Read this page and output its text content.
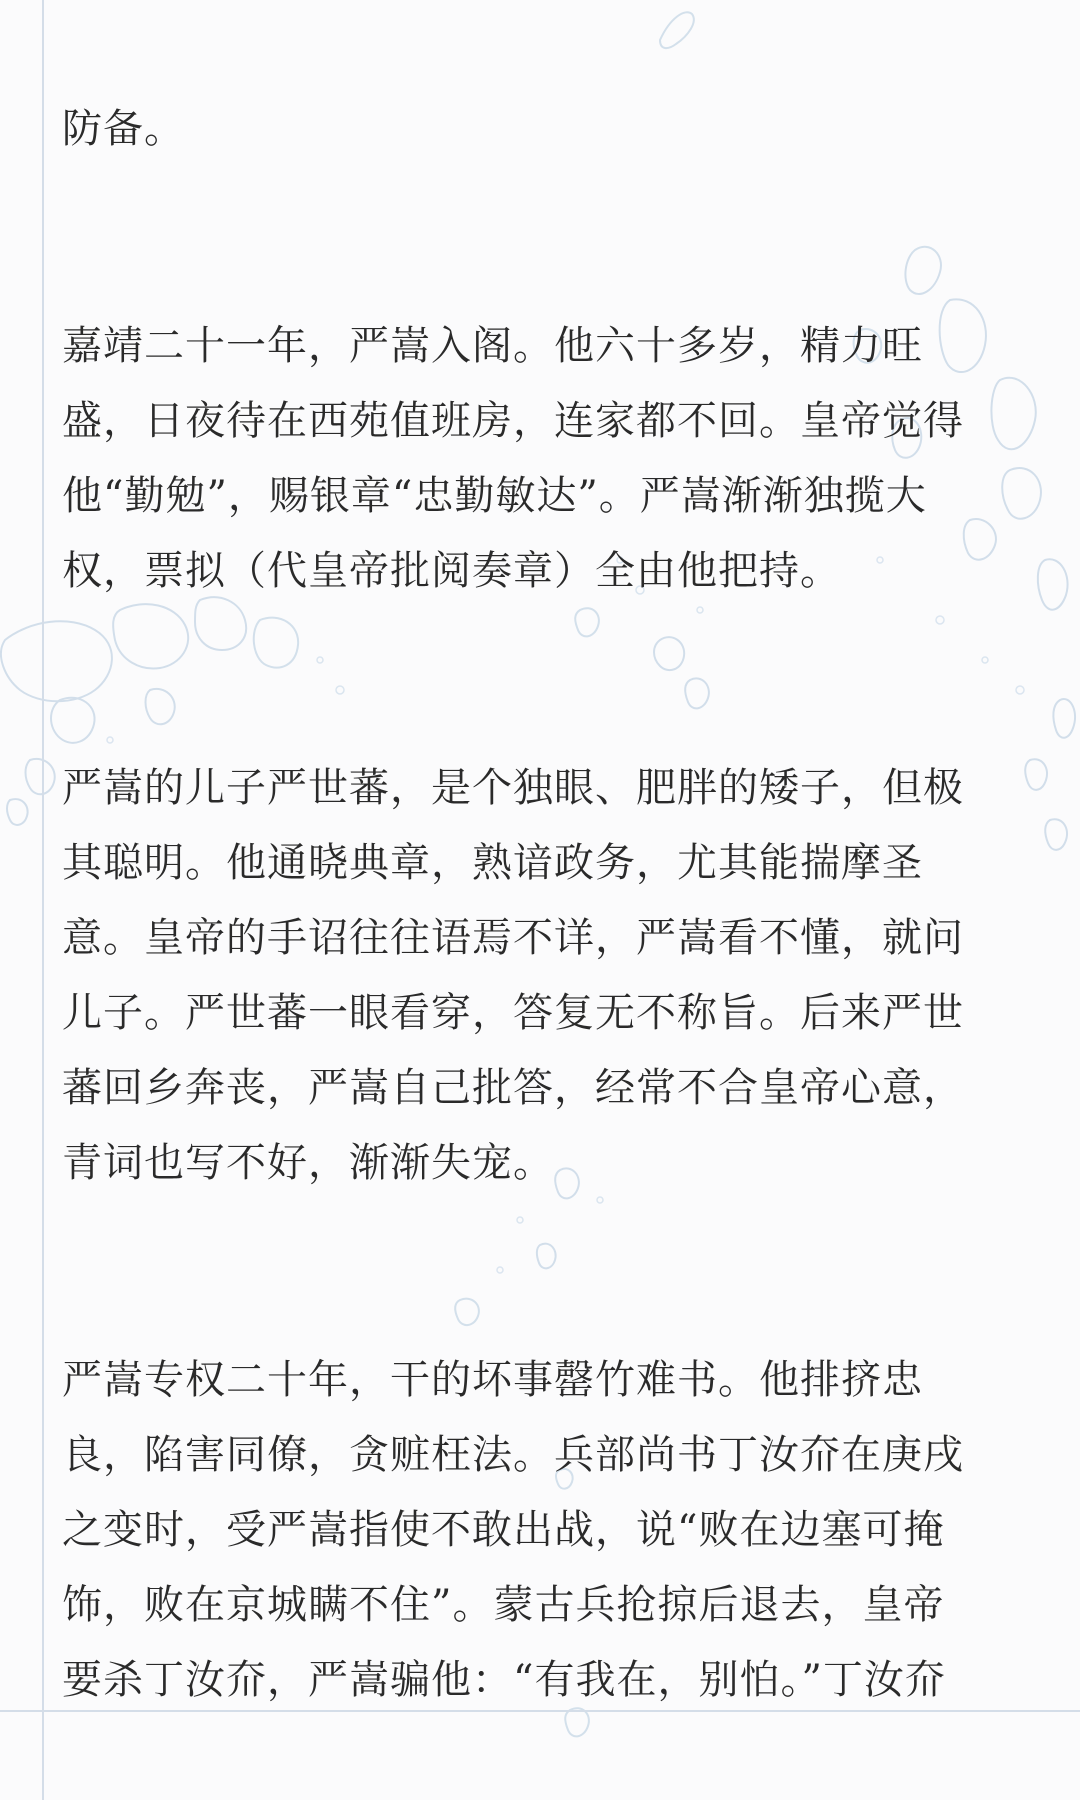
防备。

嘉靖二十一年，严嵩入阁。他六十多岁，精力旺
盛，日夜待在西苑值班房，连家都不回。皇帝觉得
他“勤勉”，赐银章“忠勤敏达”。严嵩渐渐独揽大
权，票拟（代皇帝批阅奏章）全由他把持。

严嵩的儿子严世蕃，是个独眼、肥胖的矮子，但极
其聪明。他通晓典章，熟谙政务，尤其能揣摩圣
意。皇帝的手诏往往语焉不详，严嵩看不懂，就问
儿子。严世蕃一眼看穿，答复无不称旨。后来严世
蕃回乡奔丧，严嵩自己批答，经常不合皇帝心意，
青词也写不好，渐渐失宠。

严嵩专权二十年，干的坏事罄竹难书。他排挤忠
良，陷害同僚，贪赃枉法。兵部尚书丁汝夼在庚戌
之变时，受严嵩指使不敢出战，说“败在边塞可掩
饰，败在京城瞒不住”。蒙古兵抢掠后退去，皇帝
要杀丁汝夼，严嵩骗他：“有我在，别怕。”丁汝夼
